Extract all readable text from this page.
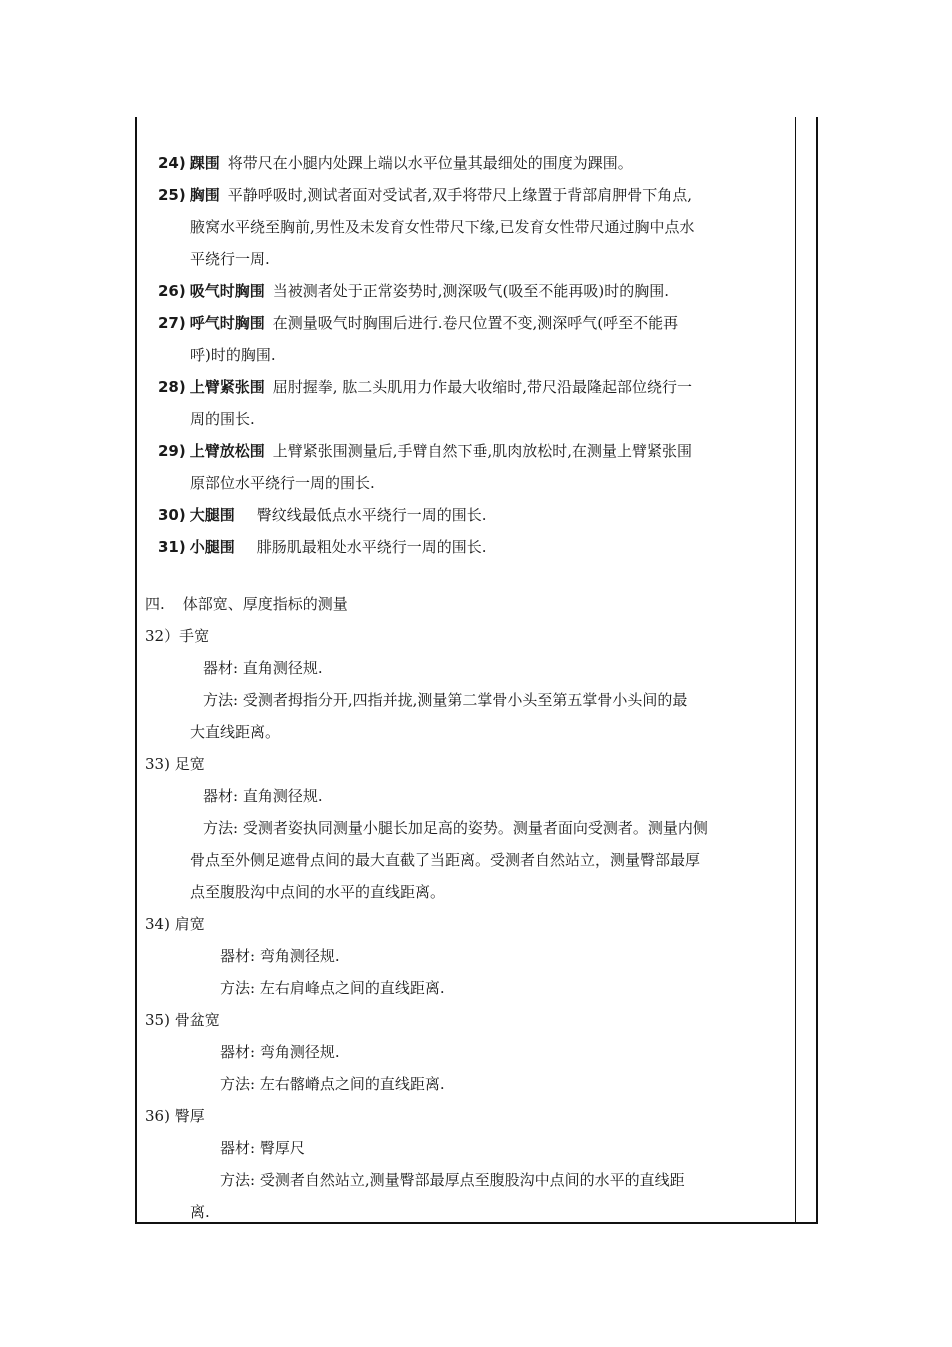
24) 踝围 将带尺在小腿内处踝上端以水平位量其最细处的围度为踝围。
25) 胸围 平静呼吸时,测试者面对受试者,双手将带尺上缘置于背部肩胛骨下角点,
腋窝水平绕至胸前,男性及未发育女性带尺下缘,已发育女性带尺通过胸中点水
平绕行一周.
26) 吸气时胸围 当被测者处于正常姿势时,测深吸气(吸至不能再吸)时的胸围.
27) 呼气时胸围 在测量吸气时胸围后进行.卷尺位置不变,测深呼气(呼至不能再
呼)时的胸围.
28) 上臂紧张围 屈肘握拳, 肱二头肌用力作最大收缩时,带尺沿最隆起部位绕行一
周的围长.
29) 上臂放松围 上臂紧张围测量后,手臂自然下垂,肌肉放松时,在测量上臂紧张围
原部位水平绕行一周的围长.
30) 大腿围 臀纹线最低点水平绕行一周的围长.
31) 小腿围 腓肠肌最粗处水平绕行一周的围长.
四. 体部宽、厚度指标的测量
32）手宽
器材: 直角测径规.
方法: 受测者拇指分开,四指并拢,测量第二掌骨小头至第五掌骨小头间的最
大直线距离。
33) 足宽
器材: 直角测径规.
方法: 受测者姿执同测量小腿长加足高的姿势。测量者面向受测者。测量内侧
骨点至外侧足遮骨点间的最大直截了当距离。受测者自然站立，测量臀部最厚
点至腹股沟中点间的水平的直线距离。
34) 肩宽
器材: 弯角测径规.
方法: 左右肩峰点之间的直线距离.
35) 骨盆宽
器材: 弯角测径规.
方法: 左右髂嵴点之间的直线距离.
36) 臀厚
器材: 臀厚尺
方法: 受测者自然站立,测量臀部最厚点至腹股沟中点间的水平的直线距
离.
